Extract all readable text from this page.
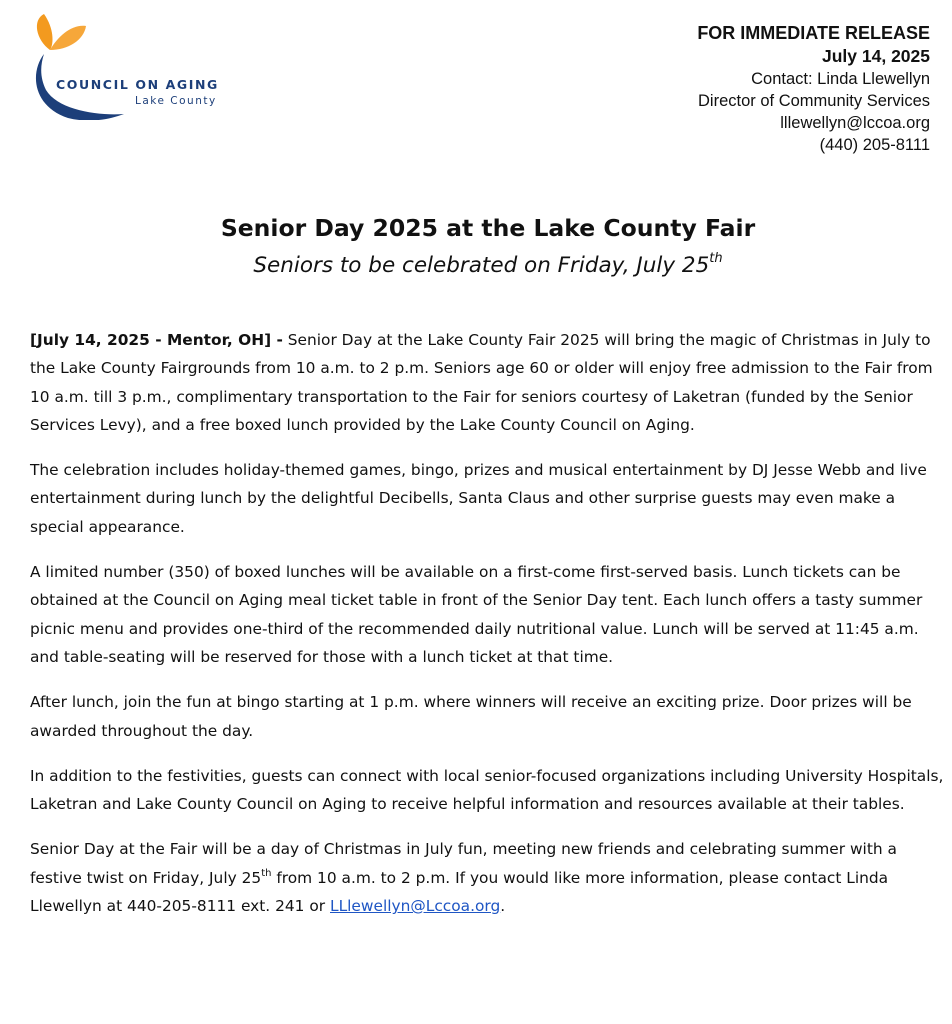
COUNCIL ON AGING
Lake County
FOR IMMEDIATE RELEASE
July 14, 2025
Contact: Linda Llewellyn
Director of Community Services
lllewellyn@lccoa.org
(440) 205-8111
Senior Day 2025 at the Lake County Fair
Seniors to be celebrated on Friday, July 25th

[July 14, 2025 - Mentor, OH] - Senior Day at the Lake County Fair 2025 will bring the magic of Christmas in July to the Lake County Fairgrounds from 10 a.m. to 2 p.m. Seniors age 60 or older will enjoy free admission to the Fair from 10 a.m. till 3 p.m., complimentary transportation to the Fair for seniors courtesy of Laketran (funded by the Senior Services Levy), and a free boxed lunch provided by the Lake County Council on Aging.

The celebration includes holiday-themed games, bingo, prizes and musical entertainment by DJ Jesse Webb and live entertainment during lunch by the delightful Decibells, Santa Claus and other surprise guests may even make a special appearance.

A limited number (350) of boxed lunches will be available on a first-come first-served basis. Lunch tickets can be obtained at the Council on Aging meal ticket table in front of the Senior Day tent. Each lunch offers a tasty summer picnic menu and provides one-third of the recommended daily nutritional value. Lunch will be served at 11:45 a.m. and table-seating will be reserved for those with a lunch ticket at that time.

After lunch, join the fun at bingo starting at 1 p.m. where winners will receive an exciting prize. Door prizes will be awarded throughout the day.

In addition to the festivities, guests can connect with local senior-focused organizations including University Hospitals, Laketran and Lake County Council on Aging to receive helpful information and resources available at their tables.

Senior Day at the Fair will be a day of Christmas in July fun, meeting new friends and celebrating summer with a festive twist on Friday, July 25th from 10 a.m. to 2 p.m. If you would like more information, please contact Linda Llewellyn at 440-205-8111 ext. 241 or LLlewellyn@Lccoa.org.
